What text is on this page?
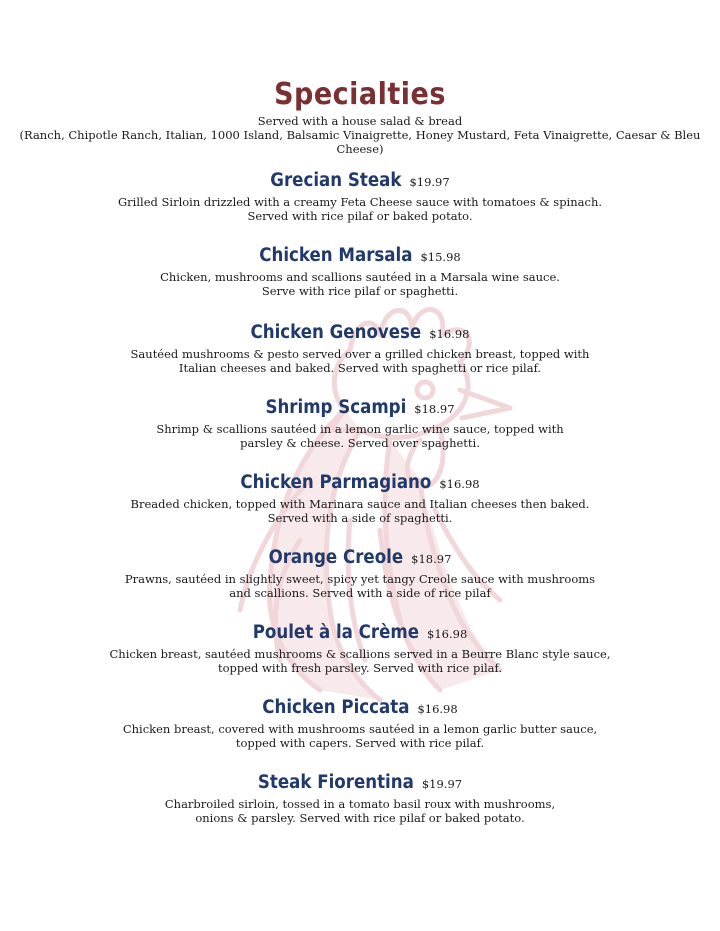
Specialties
Served with a house salad & bread
(Ranch, Chipotle Ranch, Italian, 1000 Island, Balsamic Vinaigrette, Honey Mustard, Feta Vinaigrette, Caesar & Bleu Cheese)
Grecian Steak $19.97
Grilled Sirloin drizzled with a creamy Feta Cheese sauce with tomatoes & spinach.
Served with rice pilaf or baked potato.
Chicken Marsala $15.98
Chicken, mushrooms and scallions sautéed in a Marsala wine sauce.
Serve with rice pilaf or spaghetti.
Chicken Genovese $16.98
Sautéed mushrooms & pesto served over a grilled chicken breast, topped with
Italian cheeses and baked. Served with spaghetti or rice pilaf.
Shrimp Scampi $18.97
Shrimp & scallions sautéed in a lemon garlic wine sauce, topped with
parsley & cheese. Served over spaghetti.
Chicken Parmagiano $16.98
Breaded chicken, topped with Marinara sauce and Italian cheeses then baked.
Served with a side of spaghetti.
Orange Creole $18.97
Prawns, sautéed in slightly sweet, spicy yet tangy Creole sauce with mushrooms
and scallions. Served with a side of rice pilaf
Poulet à la Crème $16.98
Chicken breast, sautéed mushrooms & scallions served in a Beurre Blanc style sauce,
topped with fresh parsley. Served with rice pilaf.
Chicken Piccata $16.98
Chicken breast, covered with mushrooms sautéed in a lemon garlic butter sauce,
topped with capers. Served with rice pilaf.
Steak Fiorentina $19.97
Charbroiled sirloin, tossed in a tomato basil roux with mushrooms,
onions & parsley. Served with rice pilaf or baked potato.
